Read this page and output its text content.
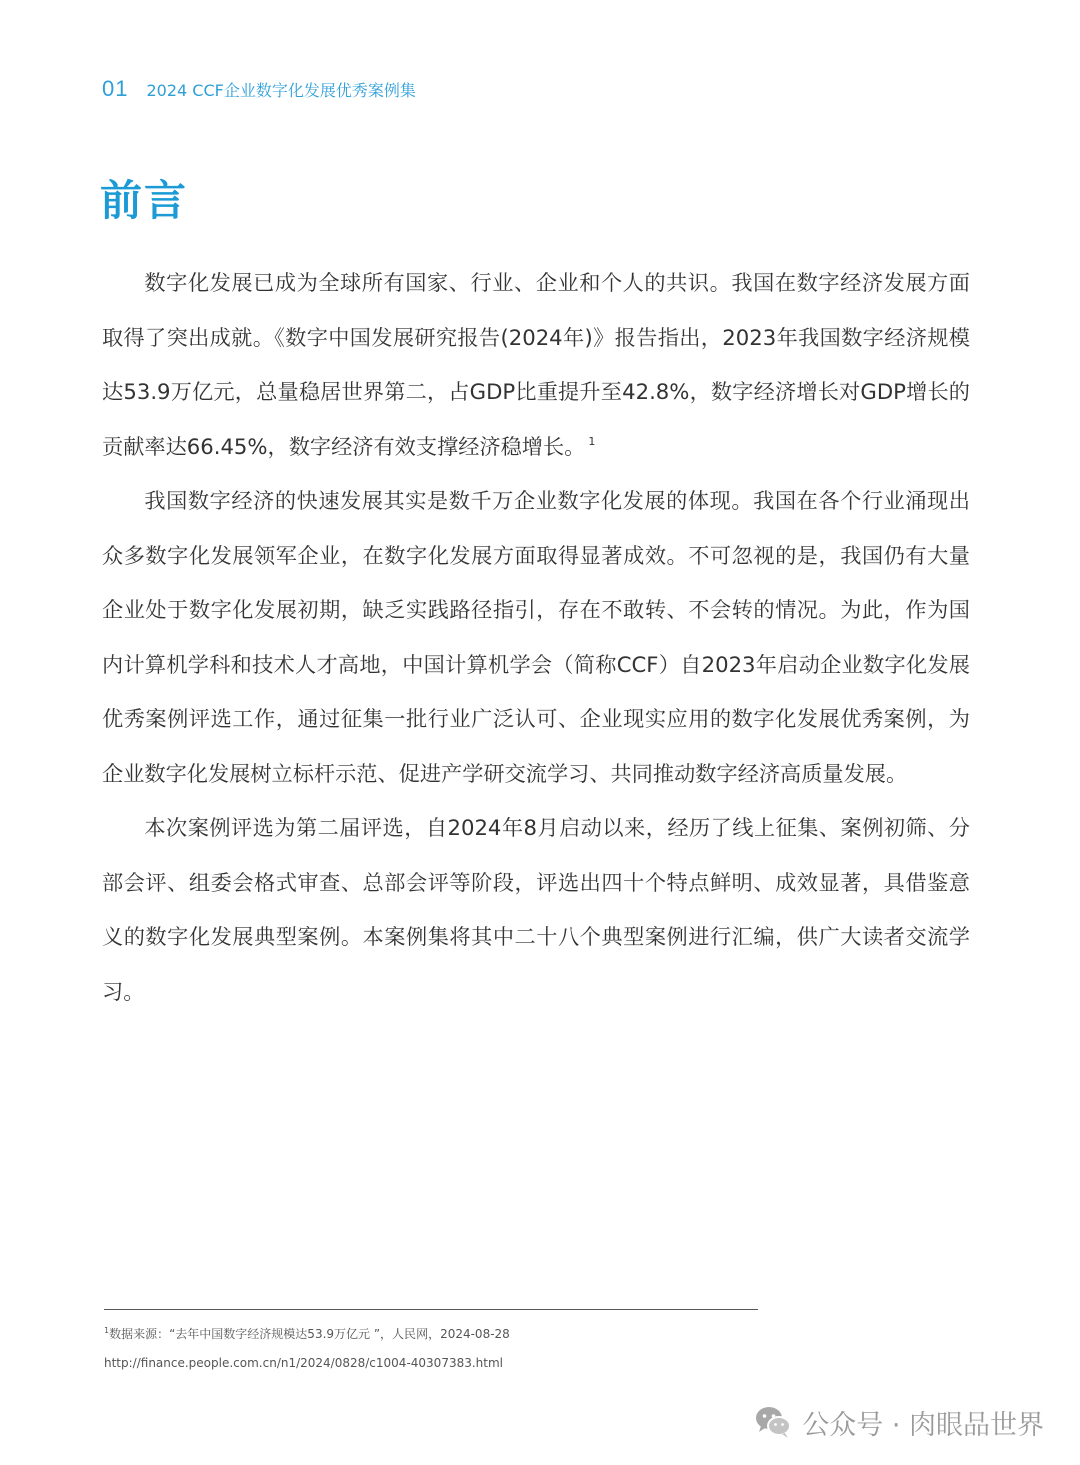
01 2024 CCF企业数字化发展优秀案例集
前言

数字化发展已成为全球所有国家、行业、企业和个人的共识。我国在数字经济发展方面取得了突出成就。《数字中国发展研究报告(2024年)》报告指出，2023年我国数字经济规模达53.9万亿元，总量稳居世界第二，占GDP比重提升至42.8%，数字经济增长对GDP增长的贡献率达66.45%，数字经济有效支撑经济稳增长。 $^1$

我国数字经济的快速发展其实是数千万企业数字化发展的体现。我国在各个行业涌现出众多数字化发展领军企业，在数字化发展方面取得显著成效。不可忽视的是，我国仍有大量企业处于数字化发展初期，缺乏实践路径指引，存在不敢转、不会转的情况。为此，作为国内计算机学科和技术人才高地，中国计算机学会（简称CCF）自2023年启动企业数字化发展优秀案例评选工作，通过征集一批行业广泛认可、企业现实应用的数字化发展优秀案例，为企业数字化发展树立标杆示范、促进产学研交流学习、共同推动数字经济高质量发展。

本次案例评选为第二届评选，自2024年8月启动以来，经历了线上征集、案例初筛、分部会评、组委会格式审查、总部会评等阶段，评选出四十个特点鲜明、成效显著，具借鉴意义的数字化发展典型案例。本案例集将其中二十八个典型案例进行汇编，供广大读者交流学习。

$^1$数据来源：“去年中国数字经济规模达53.9万亿元 ”，人民网，2024-08-28
http://finance.people.com.cn/n1/2024/0828/c1004-40307383.html
公众号 · 肉眼品世界
